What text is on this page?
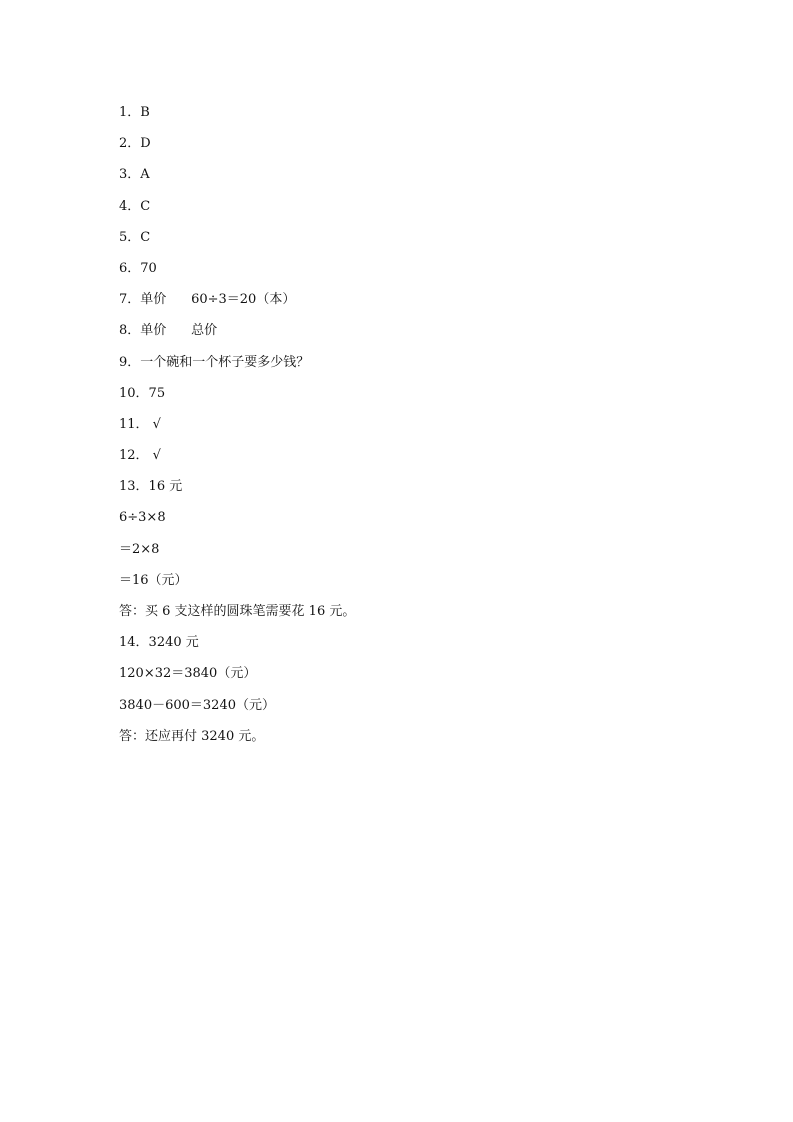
1．B
2．D
3．A
4．C
5．C
6．70
7．单价      60÷3＝20（本）
8．单价      总价
9．一个碗和一个杯子要多少钱？
10．75
11． √
12． √
13．16 元
6÷3×8
＝2×8
＝16（元）
答：买 6 支这样的圆珠笔需要花 16 元。
14．3240 元
120×32＝3840（元）
3840－600＝3240（元）
答：还应再付 3240 元。
